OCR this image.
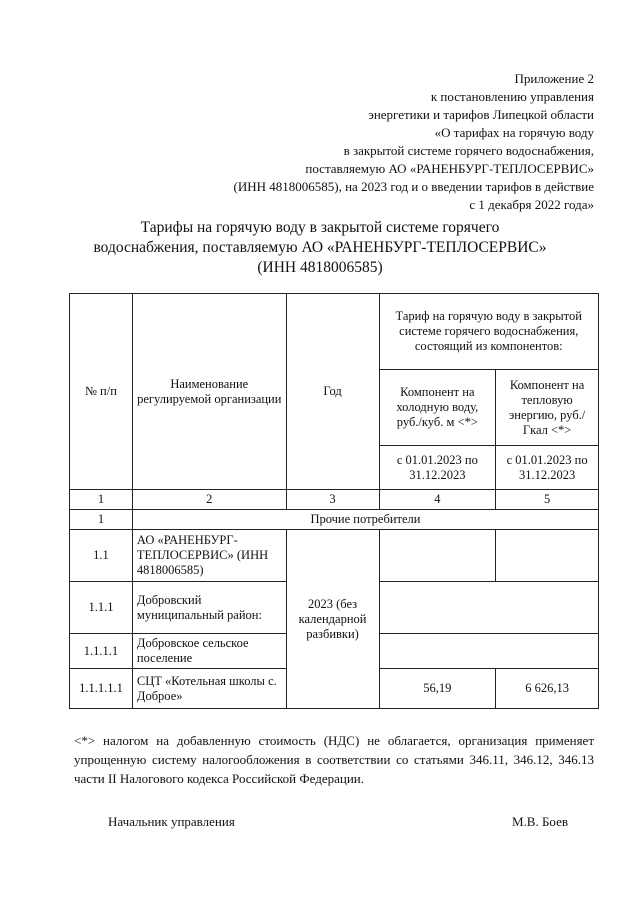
Приложение 2
к постановлению управления
энергетики и тарифов Липецкой области
«О тарифах на горячую воду
в закрытой системе горячего водоснабжения,
поставляемую АО «РАНЕНБУРГ-ТЕПЛОСЕРВИС»
(ИНН 4818006585), на 2023 год и о введении тарифов в действие
с 1 декабря 2022 года»
Тарифы на горячую воду в закрытой системе горячего
водоснабжения, поставляемую АО «РАНЕНБУРГ-ТЕПЛОСЕРВИС»
(ИНН 4818006585)
№ п/п	Наименование регулируемой организации	Год	Тариф на горячую воду в закрытой системе горячего водоснабжения, состоящий из компонентов:	
			Компонент на холодную воду, руб./куб. м <*>	Компонент на тепловую энергию, руб./Гкал <*>
			с 01.01.2023 по 31.12.2023	с 01.01.2023 по 31.12.2023
1	2	3	4	5
1	Прочие потребители			
1.1	АО «РАНЕНБУРГ-ТЕПЛОСЕРВИС» (ИНН 4818006585)	2023 (без календарной разбивки)		
1.1.1	Добровский муниципальный район:			
1.1.1.1	Добровское сельское поселение			
1.1.1.1.1	СЦТ «Котельная школы с. Доброе»		56,19	6 626,13
<*> налогом на добавленную стоимость (НДС) не облагается, организация применяет упрощенную систему налогообложения в соответствии со статьями 346.11, 346.12, 346.13 части II Налогового кодекса Российской Федерации.
Начальник управления	М.В. Боев
